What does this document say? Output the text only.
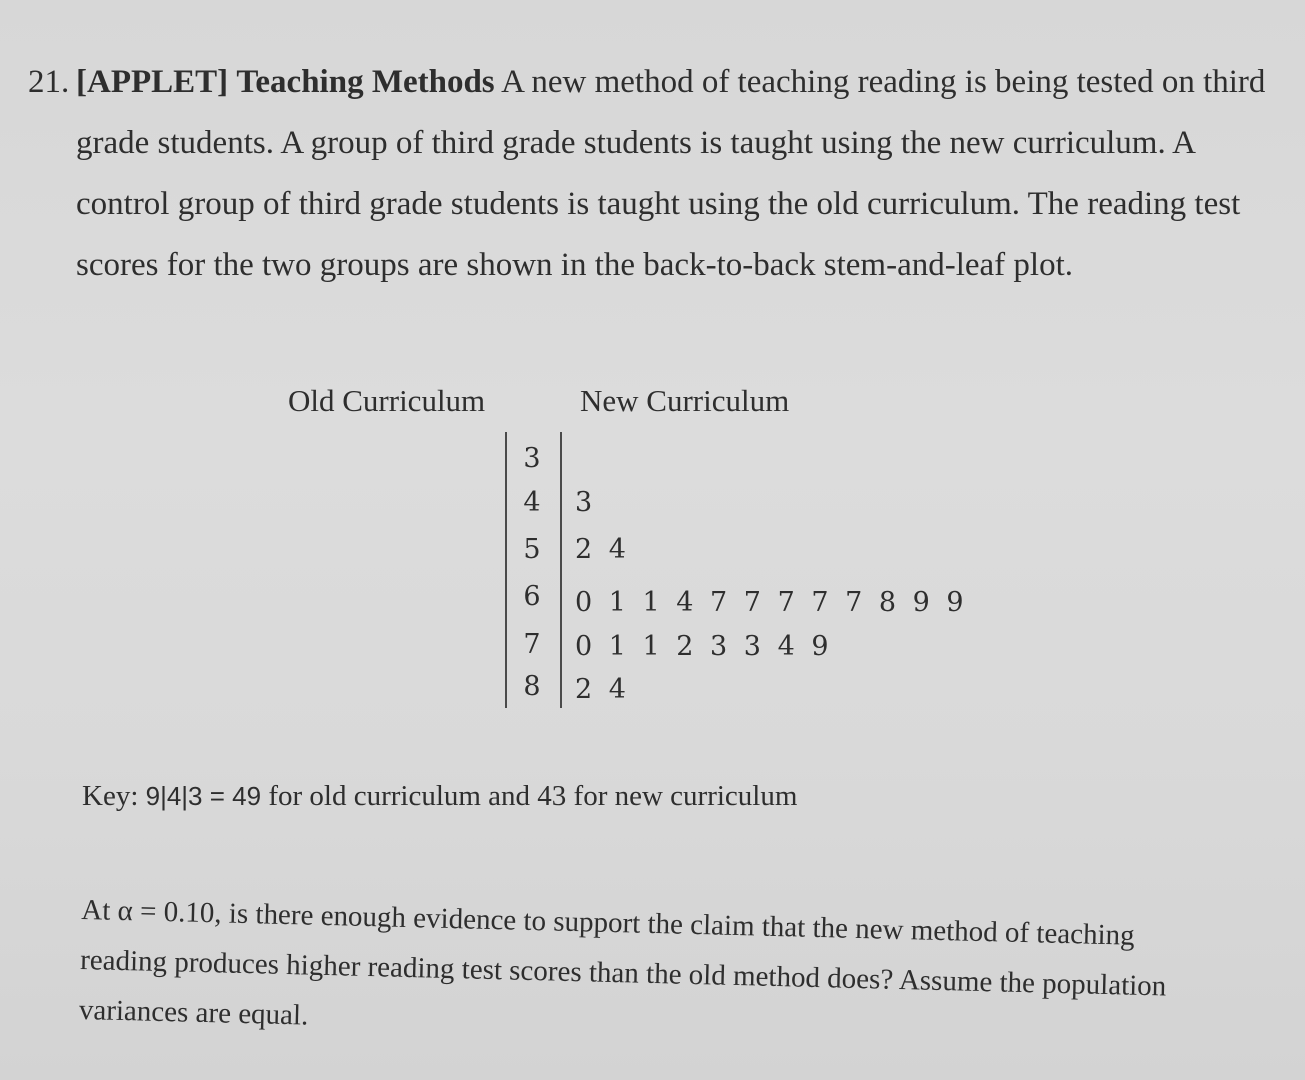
21. [APPLET] Teaching Methods A new method of teaching reading is being tested on third grade students. A group of third grade students is taught using the new curriculum. A control group of third grade students is taught using the old curriculum. The reading test scores for the two groups are shown in the back-to-back stem-and-leaf plot.
Old Curriculum	New Curriculum
3
4 3
5 2 4
6 0 1 1 4 7 7 7 7 7 8 9 9
7 0 1 1 2 3 3 4 9
8 2 4
Key: 9|4|3 = 49 for old curriculum and 43 for new curriculum
At α = 0.10, is there enough evidence to support the claim that the new method of teaching reading produces higher reading test scores than the old method does? Assume the population variances are equal.
